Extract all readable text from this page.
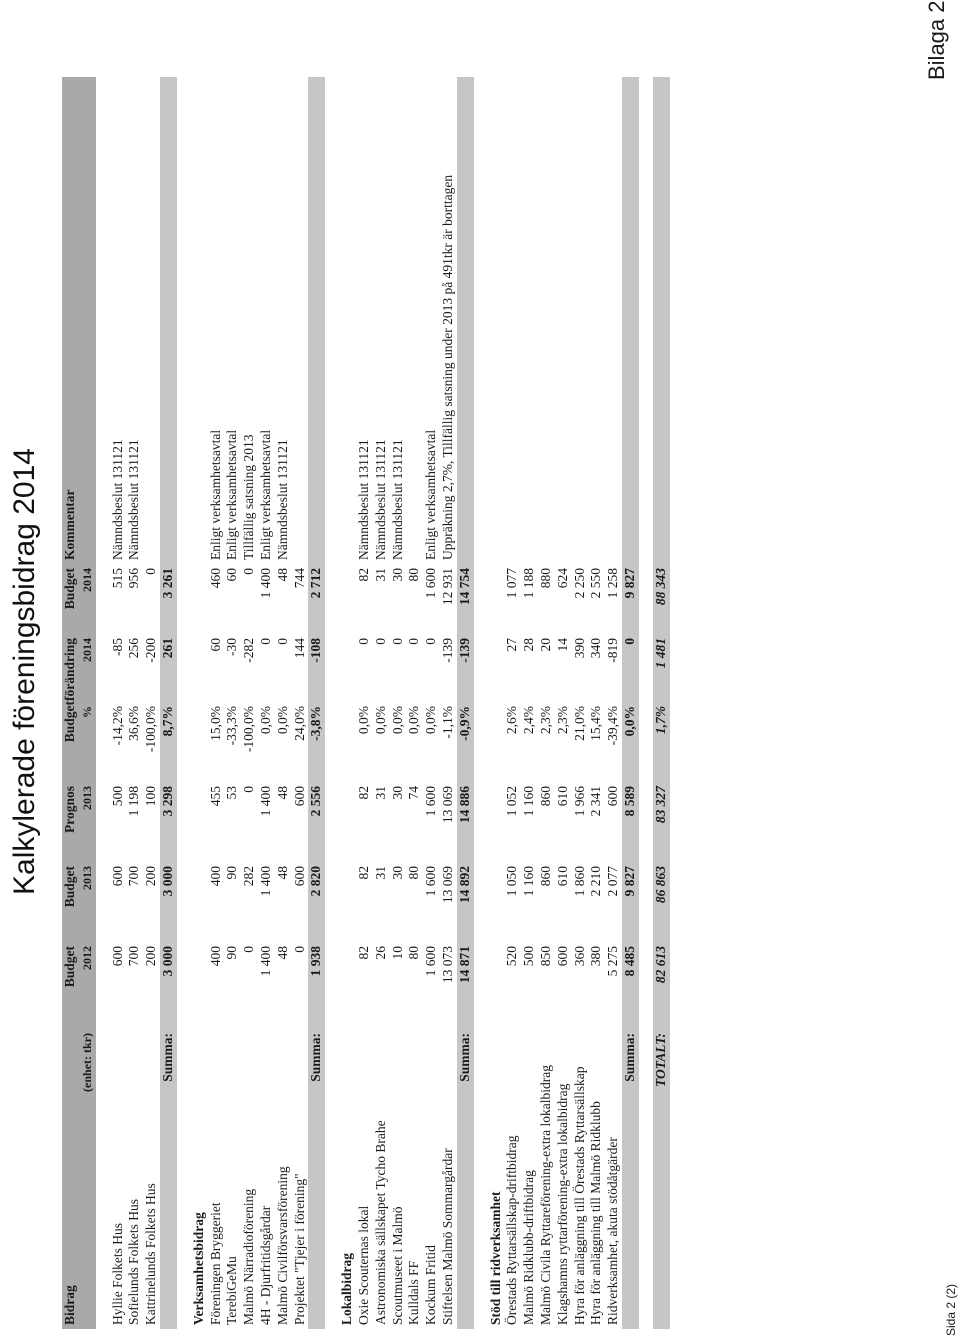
Kalkylerade föreningsbidrag 2014
Bilaga 2
Sida 2 (2)
Bidrag	Budget	Budget	Prognos	Budgetförändring		Budget	Kommentar
(enhet: tkr)	2012	2013	2013	%	2014	2014	

Hyllie Folkets Hus	600	600	500	-14,2%	-85	515	Nämndsbeslut 131121
Sofielunds Folkets Hus	700	700	1 198	36,6%	256	956	Nämndsbeslut 131121
Kattrinelunds Folkets Hus	200	200	100	-100,0%	-200	0	
Summa:	3 000	3 000	3 298	8,7%	261	3 261	

Verksamhetsbidrag							
Föreningen Bryggeriet	400	400	455	15,0%	60	460	Enligt verksamhetsavtal
TerebiGeMu	90	90	53	-33,3%	-30	60	Enligt verksamhetsavtal
Malmö Närradioförening	0	282	0	-100,0%	-282	0	Tillfällig satsning 2013
4H - Djurfritidsgårdar	1 400	1 400	1 400	0,0%	0	1 400	Enligt verksamhetsavtal
Malmö Civilförsvarsförening	48	48	48	0,0%	0	48	Nämndsbeslut 131121
Projektet "Tjejer i förening"	0	600	600	24,0%	144	744	
Summa:	1 938	2 820	2 556	-3,8%	-108	2 712	

Lokalbidrag							
Oxie Scouternas lokal	82	82	82	0,0%	0	82	Nämndsbeslut 131121
Astronomiska sällskapet Tycho Brahe	26	31	31	0,0%	0	31	Nämndsbeslut 131121
Scoutmuseet i Malmö	10	30	30	0,0%	0	30	Nämndsbeslut 131121
Kulldals FF	80	80	74	0,0%	0	80	
Kockum Fritid	1 600	1 600	1 600	0,0%	0	1 600	Enligt verksamhetsavtal
Stiftelsen Malmö Sommargårdar	13 073	13 069	13 069	-1,1%	-139	12 931	Uppräkning 2,7%, Tillfällig satsning under 2013 på 491tkr är borttagen
Summa:	14 871	14 892	14 886	-0,9%	-139	14 754	

Stöd till ridverksamhet							
Örestads Ryttarsällskap-driftbidrag	520	1 050	1 052	2,6%	27	1 077	
Malmö Ridklubb-driftbidrag	500	1 160	1 160	2,4%	28	1 188	
Malmö Civila Ryttareförening-extra lokalbidrag	850	860	860	2,3%	20	880	
Klagshamns ryttarförening-extra lokalbidrag	600	610	610	2,3%	14	624	
Hyra för anläggning till Örestads Ryttarsällskap	360	1 860	1 966	21,0%	390	2 250	
Hyra för anläggning till Malmö Ridklubb	380	2 210	2 341	15,4%	340	2 550	
Ridverksamhet, akuta stödåtgärder	5 275	2 077	600	-39,4%	-819	1 258	
Summa:	8 485	9 827	8 589	0,0%	0	9 827	

TOTALT:	82 613	86 863	83 327	1,7%	1 481	88 343	
